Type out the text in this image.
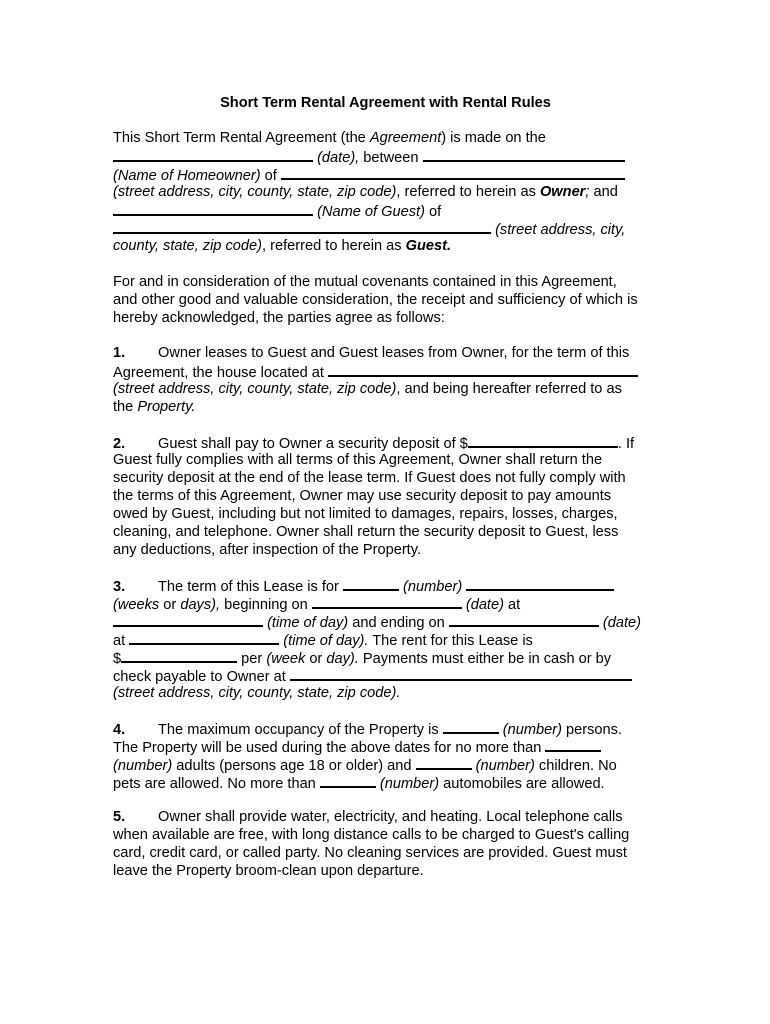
Short Term Rental Agreement with Rental Rules
This Short Term Rental Agreement (the Agreement) is made on the
(date), between
(Name of Homeowner) of
(street address, city, county, state, zip code), referred to herein as Owner; and
(Name of Guest) of
(street address, city,
county, state, zip code), referred to herein as Guest.
For and in consideration of the mutual covenants contained in this Agreement,
and other good and valuable consideration, the receipt and sufficiency of which is
hereby acknowledged, the parties agree as follows:
1. Owner leases to Guest and Guest leases from Owner, for the term of this
Agreement, the house located at
(street address, city, county, state, zip code), and being hereafter referred to as
the Property.
2. Guest shall pay to Owner a security deposit of $	. If
Guest fully complies with all terms of this Agreement, Owner shall return the
security deposit at the end of the lease term. If Guest does not fully comply with
the terms of this Agreement, Owner may use security deposit to pay amounts
owed by Guest, including but not limited to damages, repairs, losses, charges,
cleaning, and telephone. Owner shall return the security deposit to Guest, less
any deductions, after inspection of the Property.
3. The term of this Lease is for	(number)
(weeks or days), beginning on	(date) at
(time of day) and ending on	(date)
at	(time of day). The rent for this Lease is
$	per (week or day). Payments must either be in cash or by
check payable to Owner at
(street address, city, county, state, zip code).
4. The maximum occupancy of the Property is	(number) persons.
The Property will be used during the above dates for no more than
(number) adults (persons age 18 or older) and	(number) children. No
pets are allowed. No more than	(number) automobiles are allowed.
5. Owner shall provide water, electricity, and heating. Local telephone calls
when available are free, with long distance calls to be charged to Guest's calling
card, credit card, or called party. No cleaning services are provided. Guest must
leave the Property broom-clean upon departure.
